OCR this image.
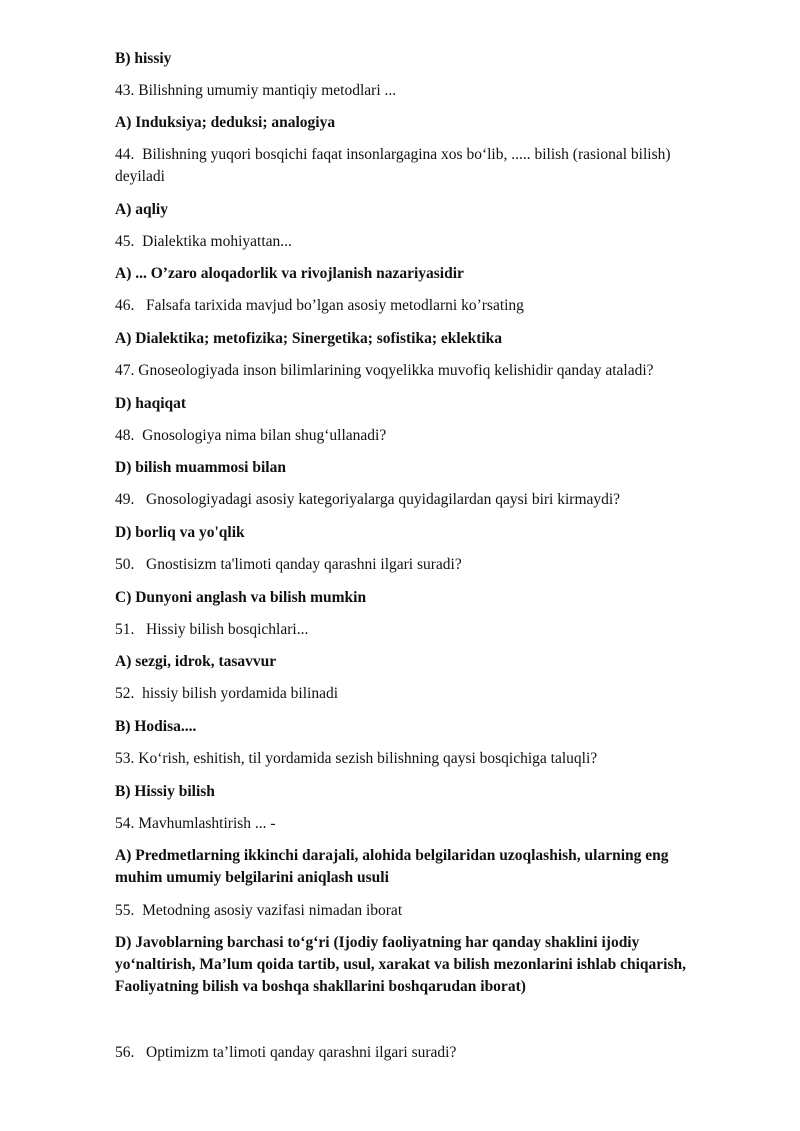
B) hissiy

43. Bilishning umumiy mantiqiy metodlari ...

A) Induksiya; deduksi; analogiya

44.  Bilishning yuqori bosqichi faqat insonlargagina xos bo‘lib, ..... bilish (rasional bilish) deyiladi

A) aqliy

45.  Dialektika mohiyattan...

A) ... O’zaro aloqadorlik va rivojlanish nazariyasidir

46.   Falsafa tarixida mavjud bo’lgan asosiy metodlarni ko’rsating

A) Dialektika; metofizika; Sinergetika; sofistika; eklektika

47. Gnoseologiyada inson bilimlarining voqyelikka muvofiq kelishidir qanday ataladi?

D) haqiqat

48.  Gnosologiya nima bilan shug‘ullanadi?

D) bilish muammosi bilan

49.   Gnosologiyadagi asosiy kategoriyalarga quyidagilardan qaysi biri kirmaydi?

D) borliq va yo'qlik

50.   Gnostisizm ta'limoti qanday qarashni ilgari suradi?

C) Dunyoni anglash va bilish mumkin

51.   Hissiy bilish bosqichlari...

A) sezgi, idrok, tasavvur

52.  hissiy bilish yordamida bilinadi

B) Hodisa....

53. Ko‘rish, eshitish, til yordamida sezish bilishning qaysi bosqichiga taluqli?

B) Hissiy bilish

54. Mavhumlashtirish ... -

A) Predmetlarning ikkinchi darajali, alohida belgilaridan uzoqlashish, ularning eng muhim umumiy belgilarini aniqlash usuli

55.  Metodning asosiy vazifasi nimadan iborat

D) Javoblarning barchasi to‘g‘ri (Ijodiy faoliyatning har qanday shaklini ijodiy yo‘naltirish, Ma’lum qoida tartib, usul, xarakat va bilish mezonlarini ishlab chiqarish, Faoliyatning bilish va boshqa shakllarini boshqarudan iborat)

56.   Optimizm ta’limoti qanday qarashni ilgari suradi?
